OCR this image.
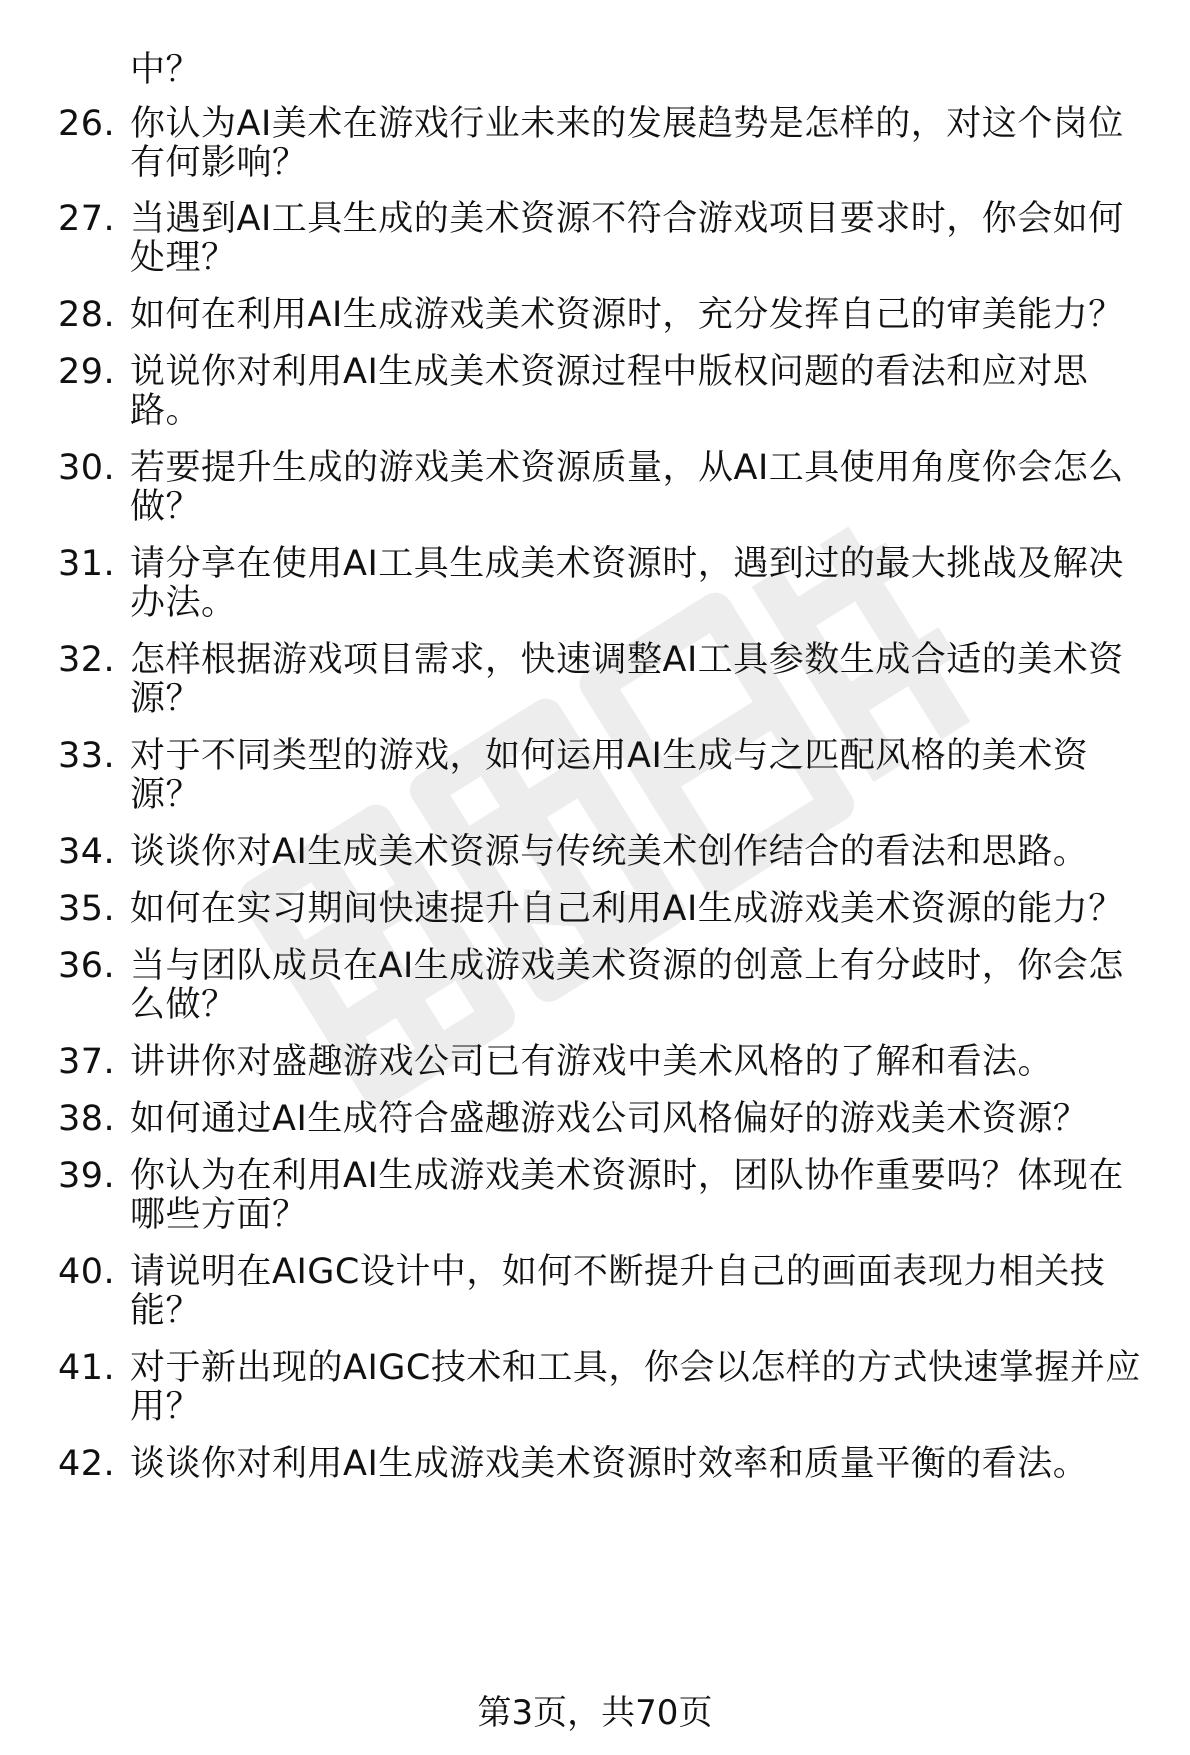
中？
26. 你认为AI美术在游戏行业未来的发展趋势是怎样的，对这个岗位
有何影响？
27. 当遇到AI工具生成的美术资源不符合游戏项目要求时，你会如何
处理？
28. 如何在利用AI生成游戏美术资源时，充分发挥自己的审美能力？
29. 说说你对利用AI生成美术资源过程中版权问题的看法和应对思
路。
30. 若要提升生成的游戏美术资源质量，从AI工具使用角度你会怎么
做？
31. 请分享在使用AI工具生成美术资源时，遇到过的最大挑战及解决
办法。
32. 怎样根据游戏项目需求，快速调整AI工具参数生成合适的美术资
源？
33. 对于不同类型的游戏，如何运用AI生成与之匹配风格的美术资
源？
34. 谈谈你对AI生成美术资源与传统美术创作结合的看法和思路。
35. 如何在实习期间快速提升自己利用AI生成游戏美术资源的能力？
36. 当与团队成员在AI生成游戏美术资源的创意上有分歧时，你会怎
么做？
37. 讲讲你对盛趣游戏公司已有游戏中美术风格的了解和看法。
38. 如何通过AI生成符合盛趣游戏公司风格偏好的游戏美术资源？
39. 你认为在利用AI生成游戏美术资源时，团队协作重要吗？体现在
哪些方面？
40. 请说明在AIGC设计中，如何不断提升自己的画面表现力相关技
能？
41. 对于新出现的AIGC技术和工具，你会以怎样的方式快速掌握并应
用？
42. 谈谈你对利用AI生成游戏美术资源时效率和质量平衡的看法。
第3页，共70页
